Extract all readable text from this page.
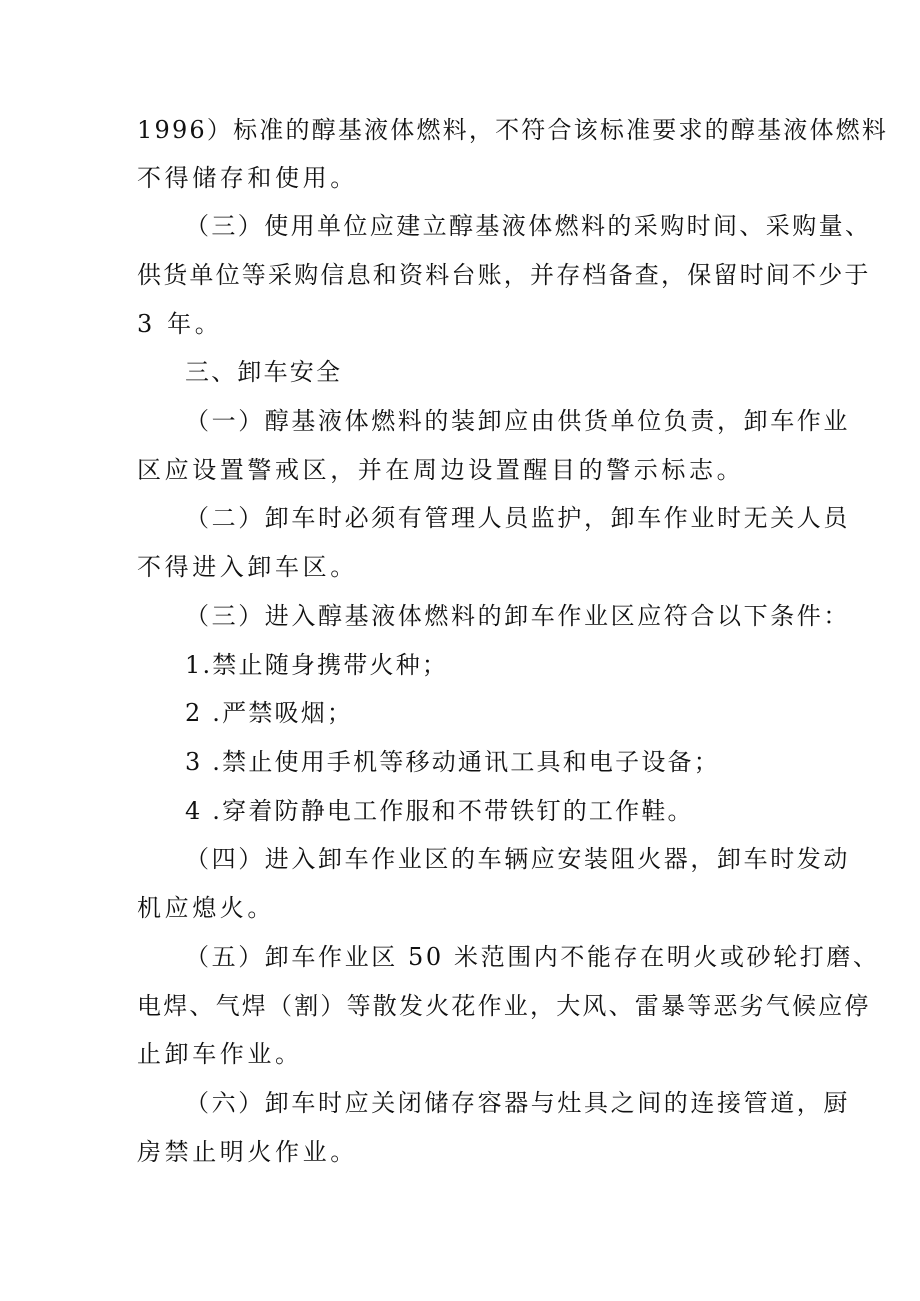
1996）标准的醇基液体燃料，不符合该标准要求的醇基液体燃料
不得储存和使用。
（三）使用单位应建立醇基液体燃料的采购时间、采购量、
供货单位等采购信息和资料台账，并存档备查，保留时间不少于
3 年。
三、卸车安全
（一）醇基液体燃料的装卸应由供货单位负责，卸车作业
区应设置警戒区，并在周边设置醒目的警示标志。
（二）卸车时必须有管理人员监护，卸车作业时无关人员
不得进入卸车区。
（三）进入醇基液体燃料的卸车作业区应符合以下条件：
1.禁止随身携带火种；
2 .严禁吸烟；
3 .禁止使用手机等移动通讯工具和电子设备；
4 .穿着防静电工作服和不带铁钉的工作鞋。
（四）进入卸车作业区的车辆应安装阻火器，卸车时发动
机应熄火。
（五）卸车作业区 50 米范围内不能存在明火或砂轮打磨、
电焊、气焊（割）等散发火花作业，大风、雷暴等恶劣气候应停
止卸车作业。
（六）卸车时应关闭储存容器与灶具之间的连接管道，厨
房禁止明火作业。
